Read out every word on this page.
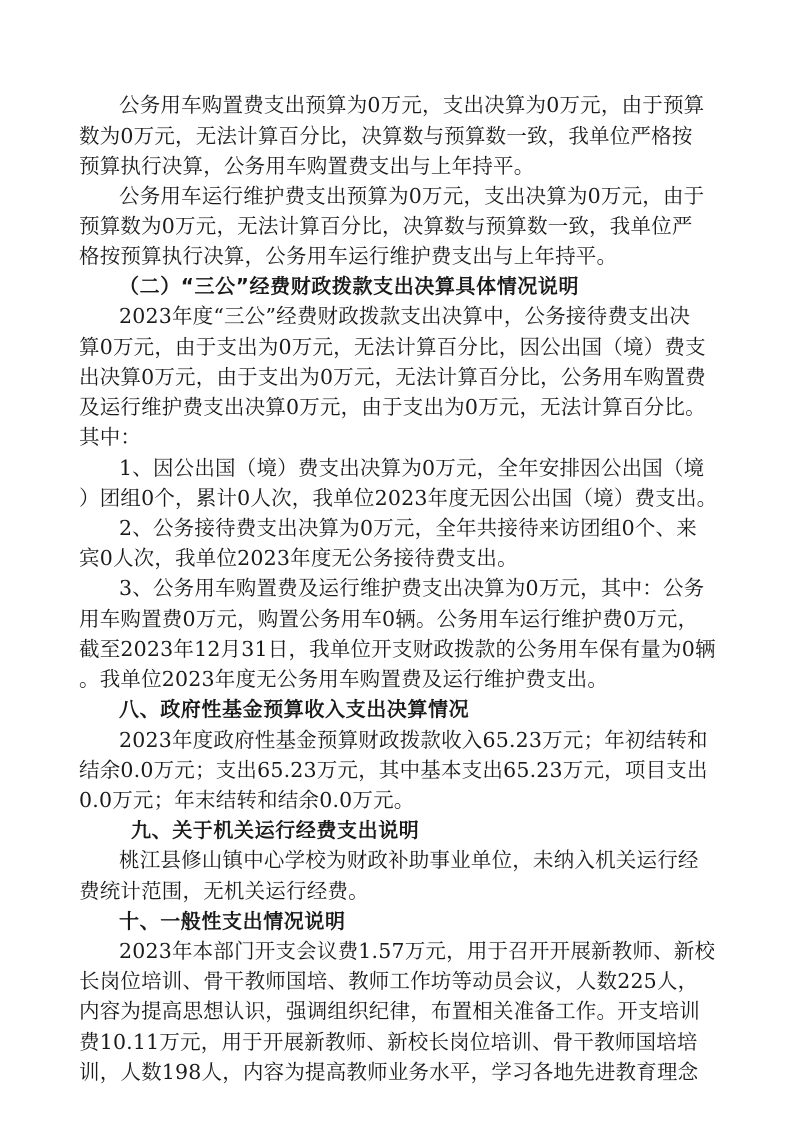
公务用车购置费支出预算为0万元，支出决算为0万元，由于预算
数为0万元，无法计算百分比，决算数与预算数一致，我单位严格按
预算执行决算，公务用车购置费支出与上年持平。
公务用车运行维护费支出预算为0万元，支出决算为0万元，由于
预算数为0万元，无法计算百分比，决算数与预算数一致，我单位严
格按预算执行决算，公务用车运行维护费支出与上年持平。
（二）“三公”经费财政拨款支出决算具体情况说明
2023年度“三公”经费财政拨款支出决算中，公务接待费支出决
算0万元，由于支出为0万元，无法计算百分比，因公出国（境）费支
出决算0万元，由于支出为0万元，无法计算百分比，公务用车购置费
及运行维护费支出决算0万元，由于支出为0万元，无法计算百分比。
其中：
1、因公出国（境）费支出决算为0万元，全年安排因公出国（境
）团组0个，累计0人次，我单位2023年度无因公出国（境）费支出。
2、公务接待费支出决算为0万元，全年共接待来访团组0个、来
宾0人次，我单位2023年度无公务接待费支出。
3、公务用车购置费及运行维护费支出决算为0万元，其中：公务
用车购置费0万元，购置公务用车0辆。公务用车运行维护费0万元，
截至2023年12月31日，我单位开支财政拨款的公务用车保有量为0辆
。我单位2023年度无公务用车购置费及运行维护费支出。
八、政府性基金预算收入支出决算情况
2023年度政府性基金预算财政拨款收入65.23万元；年初结转和
结余0.0万元；支出65.23万元，其中基本支出65.23万元，项目支出
0.0万元；年末结转和结余0.0万元。
九、关于机关运行经费支出说明
桃江县修山镇中心学校为财政补助事业单位，未纳入机关运行经
费统计范围，无机关运行经费。
十、一般性支出情况说明
2023年本部门开支会议费1.57万元，用于召开开展新教师、新校
长岗位培训、骨干教师国培、教师工作坊等动员会议，人数225人，
内容为提高思想认识，强调组织纪律，布置相关准备工作。开支培训
费10.11万元，用于开展新教师、新校长岗位培训、骨干教师国培培
训，人数198人，内容为提高教师业务水平，学习各地先进教育理念
